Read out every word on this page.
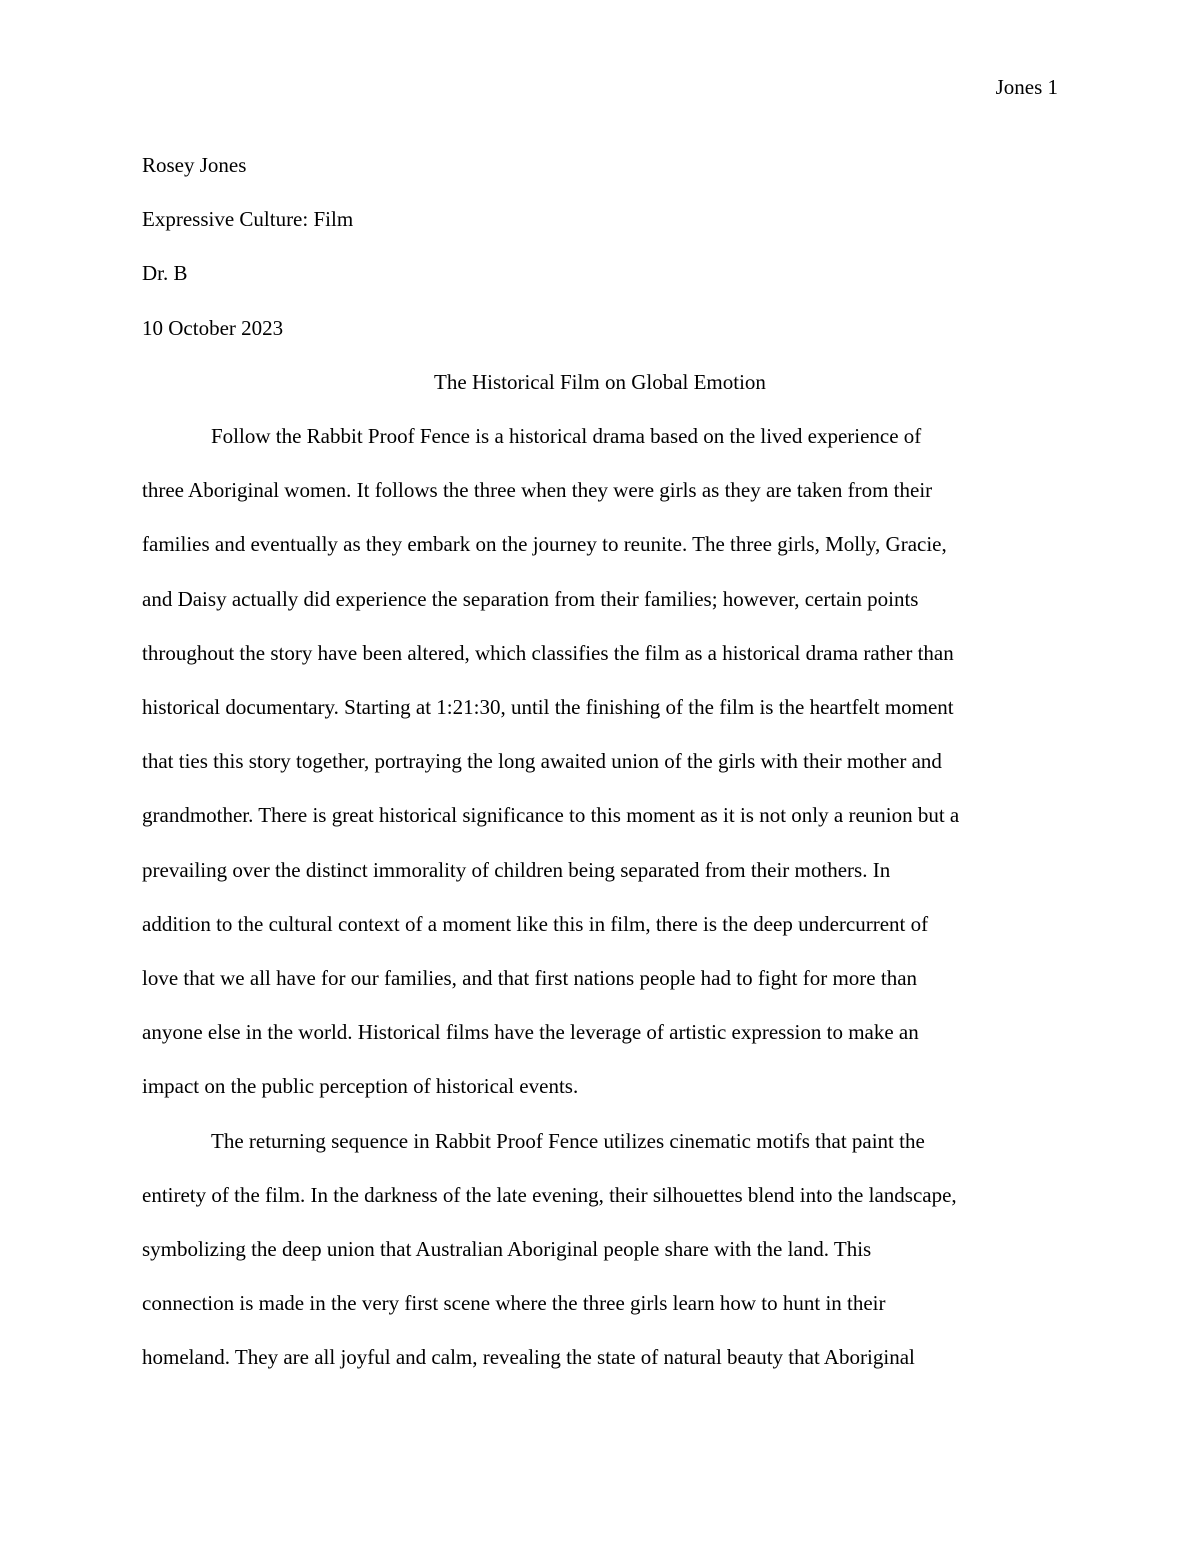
Jones 1
Rosey Jones
Expressive Culture: Film
Dr. B
10 October 2023
The Historical Film on Global Emotion
Follow the Rabbit Proof Fence is a historical drama based on the lived experience of
three Aboriginal women. It follows the three when they were girls as they are taken from their
families and eventually as they embark on the journey to reunite. The three girls, Molly, Gracie,
and Daisy actually did experience the separation from their families; however, certain points
throughout the story have been altered, which classifies the film as a historical drama rather than
historical documentary. Starting at 1:21:30, until the finishing of the film is the heartfelt moment
that ties this story together, portraying the long awaited union of the girls with their mother and
grandmother. There is great historical significance to this moment as it is not only a reunion but a
prevailing over the distinct immorality of children being separated from their mothers. In
addition to the cultural context of a moment like this in film, there is the deep undercurrent of
love that we all have for our families, and that first nations people had to fight for more than
anyone else in the world. Historical films have the leverage of artistic expression to make an
impact on the public perception of historical events.
The returning sequence in Rabbit Proof Fence utilizes cinematic motifs that paint the
entirety of the film. In the darkness of the late evening, their silhouettes blend into the landscape,
symbolizing the deep union that Australian Aboriginal people share with the land. This
connection is made in the very first scene where the three girls learn how to hunt in their
homeland. They are all joyful and calm, revealing the state of natural beauty that Aboriginal
